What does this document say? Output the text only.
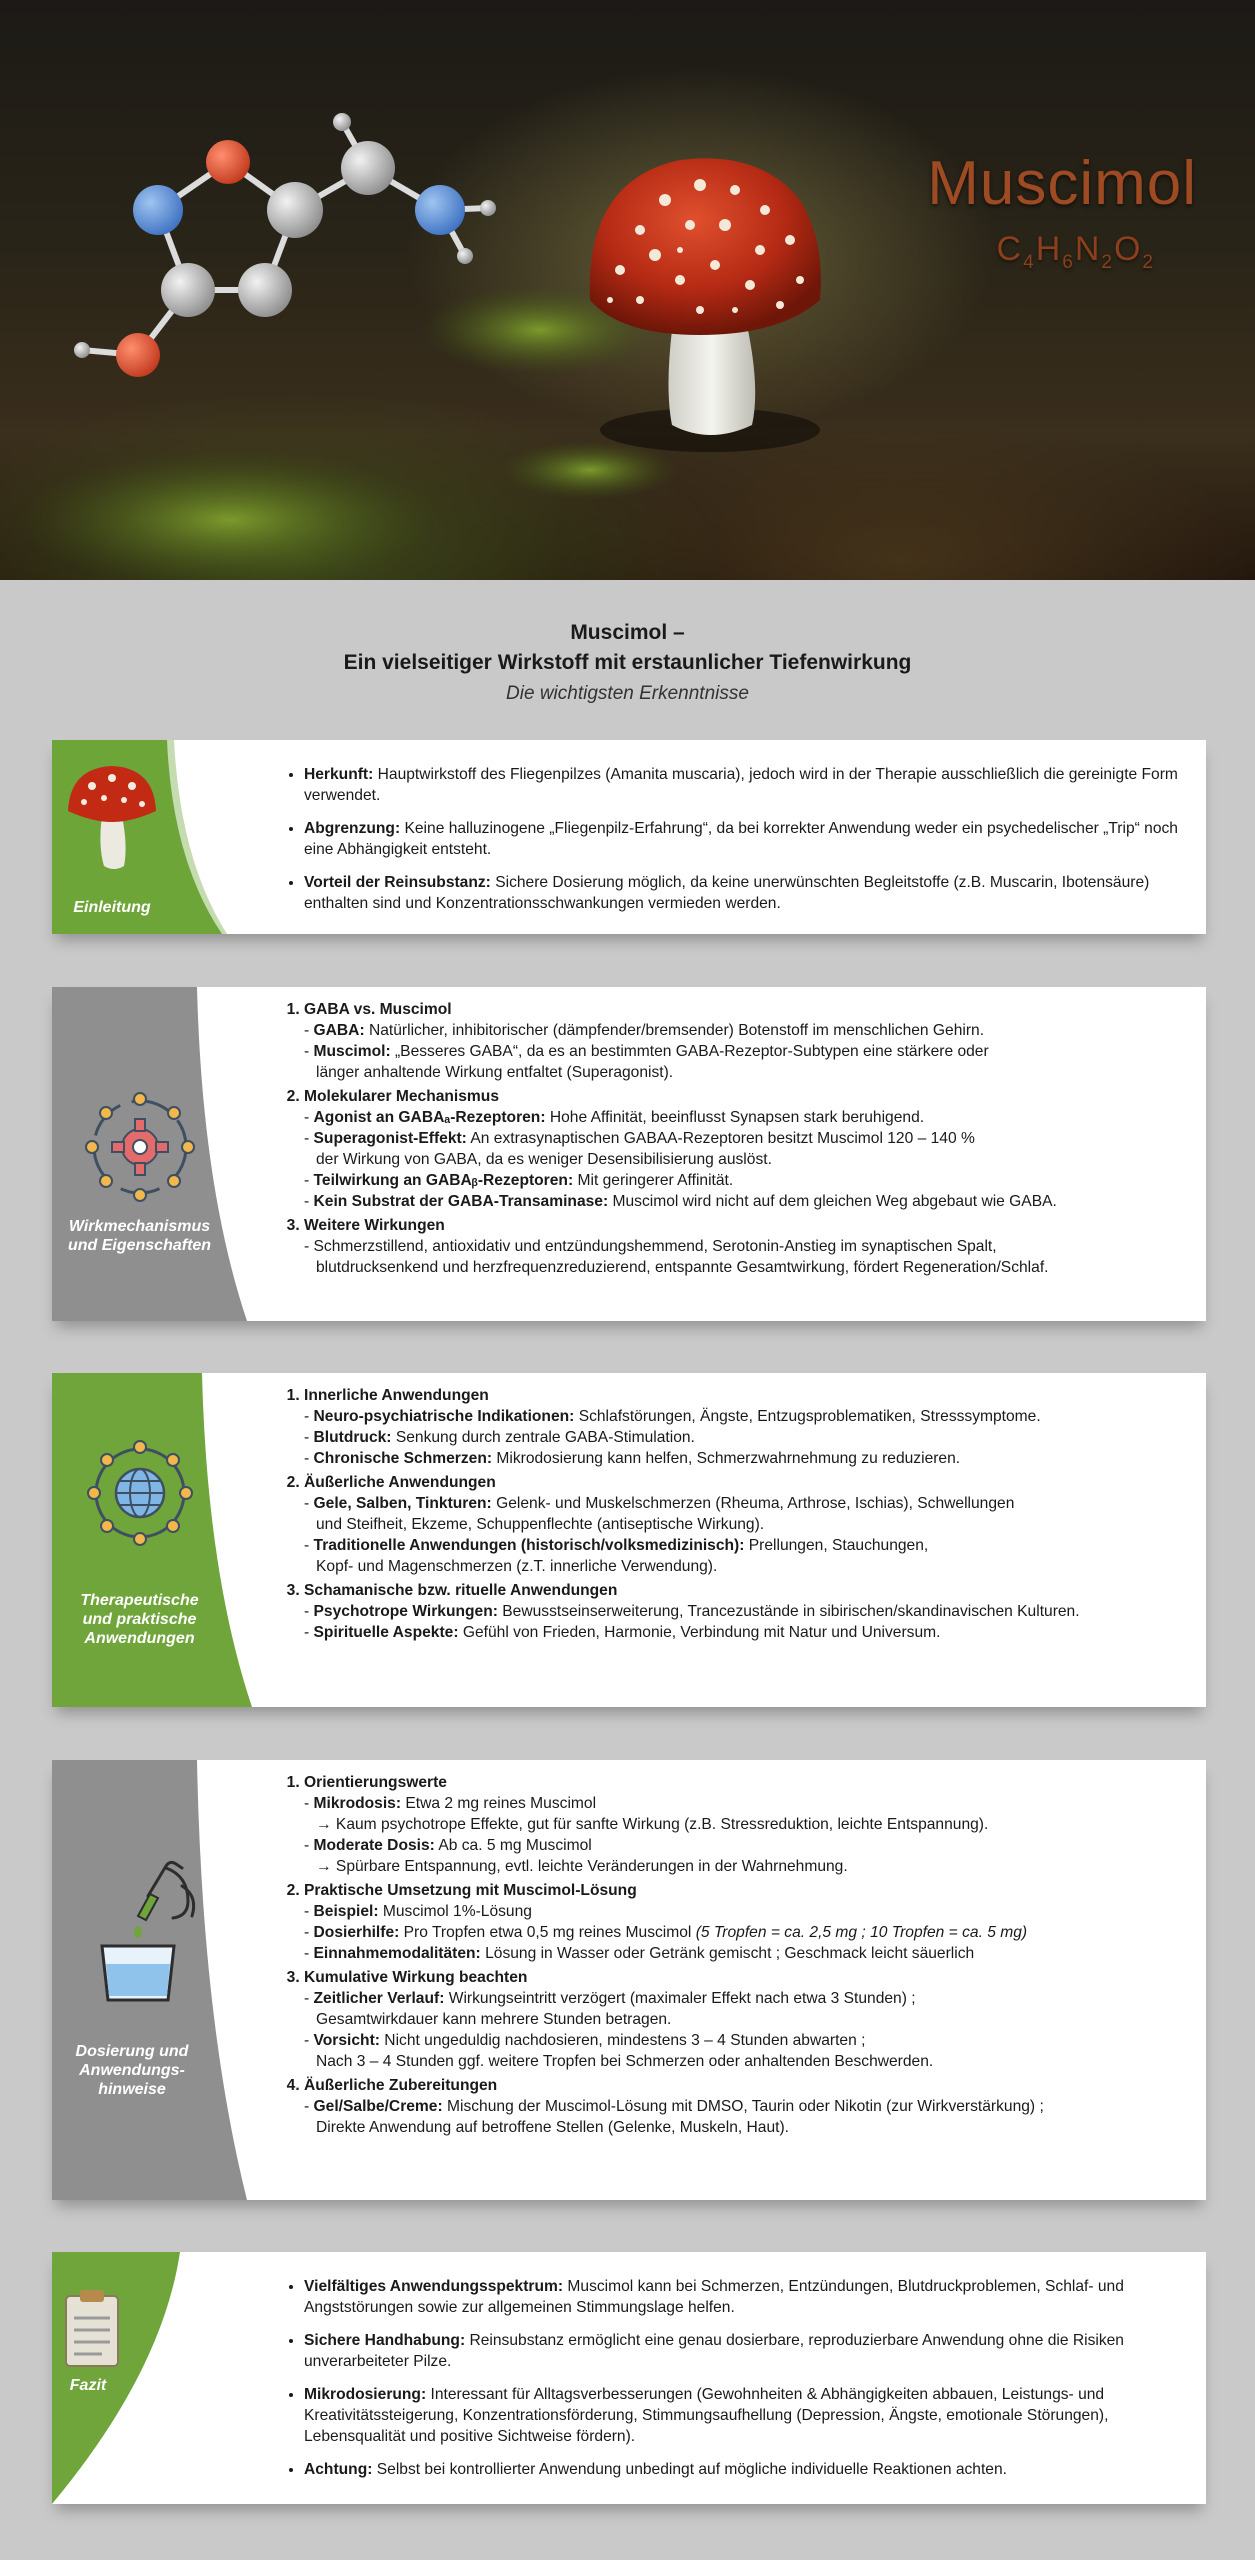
Muscimol
$C_4H_6N_2O_2$
Muscimol –
Ein vielseitiger Wirkstoff mit erstaunlicher Tiefenwirkung
Die wichtigsten Erkenntnisse
Einleitung
• Herkunft: Hauptwirkstoff des Fliegenpilzes (Amanita muscaria), jedoch wird in der Therapie ausschließlich die gereinigte Form verwendet.
• Abgrenzung: Keine halluzinogene „Fliegenpilz-Erfahrung“, da bei korrekter Anwendung weder ein psychedelischer „Trip“ noch eine Abhängigkeit entsteht.
• Vorteil der Reinsubstanz: Sichere Dosierung möglich, da keine unerwünschten Begleitstoffe (z.B. Muscarin, Ibotensäure) enthalten sind und Konzentrationsschwankungen vermieden werden.
Wirkmechanismus
und Eigenschaften
1. GABA vs. Muscimol
- GABA: Natürlicher, inhibitorischer (dämpfender/bremsender) Botenstoff im menschlichen Gehirn.
- Muscimol: „Besseres GABA“, da es an bestimmten GABA-Rezeptor-Subtypen eine stärkere oder
länger anhaltende Wirkung entfaltet (Superagonist).
2. Molekularer Mechanismus
- Agonist an GABAₐ-Rezeptoren: Hohe Affinität, beeinflusst Synapsen stark beruhigend.
- Superagonist-Effekt: An extrasynaptischen GABAA-Rezeptoren besitzt Muscimol 120 – 140 %
der Wirkung von GABA, da es weniger Desensibilisierung auslöst.
- Teilwirkung an GABAᵦ-Rezeptoren: Mit geringerer Affinität.
- Kein Substrat der GABA-Transaminase: Muscimol wird nicht auf dem gleichen Weg abgebaut wie GABA.
3. Weitere Wirkungen
- Schmerzstillend, antioxidativ und entzündungshemmend, Serotonin-Anstieg im synaptischen Spalt,
blutdrucksenkend und herzfrequenzreduzierend, entspannte Gesamtwirkung, fördert Regeneration/Schlaf.
Therapeutische
und praktische
Anwendungen
1. Innerliche Anwendungen
- Neuro-psychiatrische Indikationen: Schlafstörungen, Ängste, Entzugsproblematiken, Stresssymptome.
- Blutdruck: Senkung durch zentrale GABA-Stimulation.
- Chronische Schmerzen: Mikrodosierung kann helfen, Schmerzwahrnehmung zu reduzieren.
2. Äußerliche Anwendungen
- Gele, Salben, Tinkturen: Gelenk- und Muskelschmerzen (Rheuma, Arthrose, Ischias), Schwellungen
und Steifheit, Ekzeme, Schuppenflechte (antiseptische Wirkung).
- Traditionelle Anwendungen (historisch/volksmedizinisch): Prellungen, Stauchungen,
Kopf- und Magenschmerzen (z.T. innerliche Verwendung).
3. Schamanische bzw. rituelle Anwendungen
- Psychotrope Wirkungen: Bewusstseinserweiterung, Trancezustände in sibirischen/skandinavischen Kulturen.
- Spirituelle Aspekte: Gefühl von Frieden, Harmonie, Verbindung mit Natur und Universum.
Dosierung und
Anwendungs-
hinweise
1. Orientierungswerte
- Mikrodosis: Etwa 2 mg reines Muscimol
→ Kaum psychotrope Effekte, gut für sanfte Wirkung (z.B. Stressreduktion, leichte Entspannung).
- Moderate Dosis: Ab ca. 5 mg Muscimol
→ Spürbare Entspannung, evtl. leichte Veränderungen in der Wahrnehmung.
2. Praktische Umsetzung mit Muscimol-Lösung
- Beispiel: Muscimol 1%-Lösung
- Dosierhilfe: Pro Tropfen etwa 0,5 mg reines Muscimol (5 Tropfen = ca. 2,5 mg ; 10 Tropfen = ca. 5 mg)
- Einnahmemodalitäten: Lösung in Wasser oder Getränk gemischt ; Geschmack leicht säuerlich
3. Kumulative Wirkung beachten
- Zeitlicher Verlauf: Wirkungseintritt verzögert (maximaler Effekt nach etwa 3 Stunden) ;
Gesamtwirkdauer kann mehrere Stunden betragen.
- Vorsicht: Nicht ungeduldig nachdosieren, mindestens 3 – 4 Stunden abwarten ;
Nach 3 – 4 Stunden ggf. weitere Tropfen bei Schmerzen oder anhaltenden Beschwerden.
4. Äußerliche Zubereitungen
- Gel/Salbe/Creme: Mischung der Muscimol-Lösung mit DMSO, Taurin oder Nikotin (zur Wirkverstärkung) ;
Direkte Anwendung auf betroffene Stellen (Gelenke, Muskeln, Haut).
Fazit
• Vielfältiges Anwendungsspektrum: Muscimol kann bei Schmerzen, Entzündungen, Blutdruckproblemen, Schlaf- und Angststörungen sowie zur allgemeinen Stimmungslage helfen.
• Sichere Handhabung: Reinsubstanz ermöglicht eine genau dosierbare, reproduzierbare Anwendung ohne die Risiken unverarbeiteter Pilze.
• Mikrodosierung: Interessant für Alltagsverbesserungen (Gewohnheiten & Abhängigkeiten abbauen, Leistungs- und Kreativitätssteigerung, Konzentrationsförderung, Stimmungsaufhellung (Depression, Ängste, emotionale Störungen), Lebensqualität und positive Sichtweise fördern).
• Achtung: Selbst bei kontrollierter Anwendung unbedingt auf mögliche individuelle Reaktionen achten.
